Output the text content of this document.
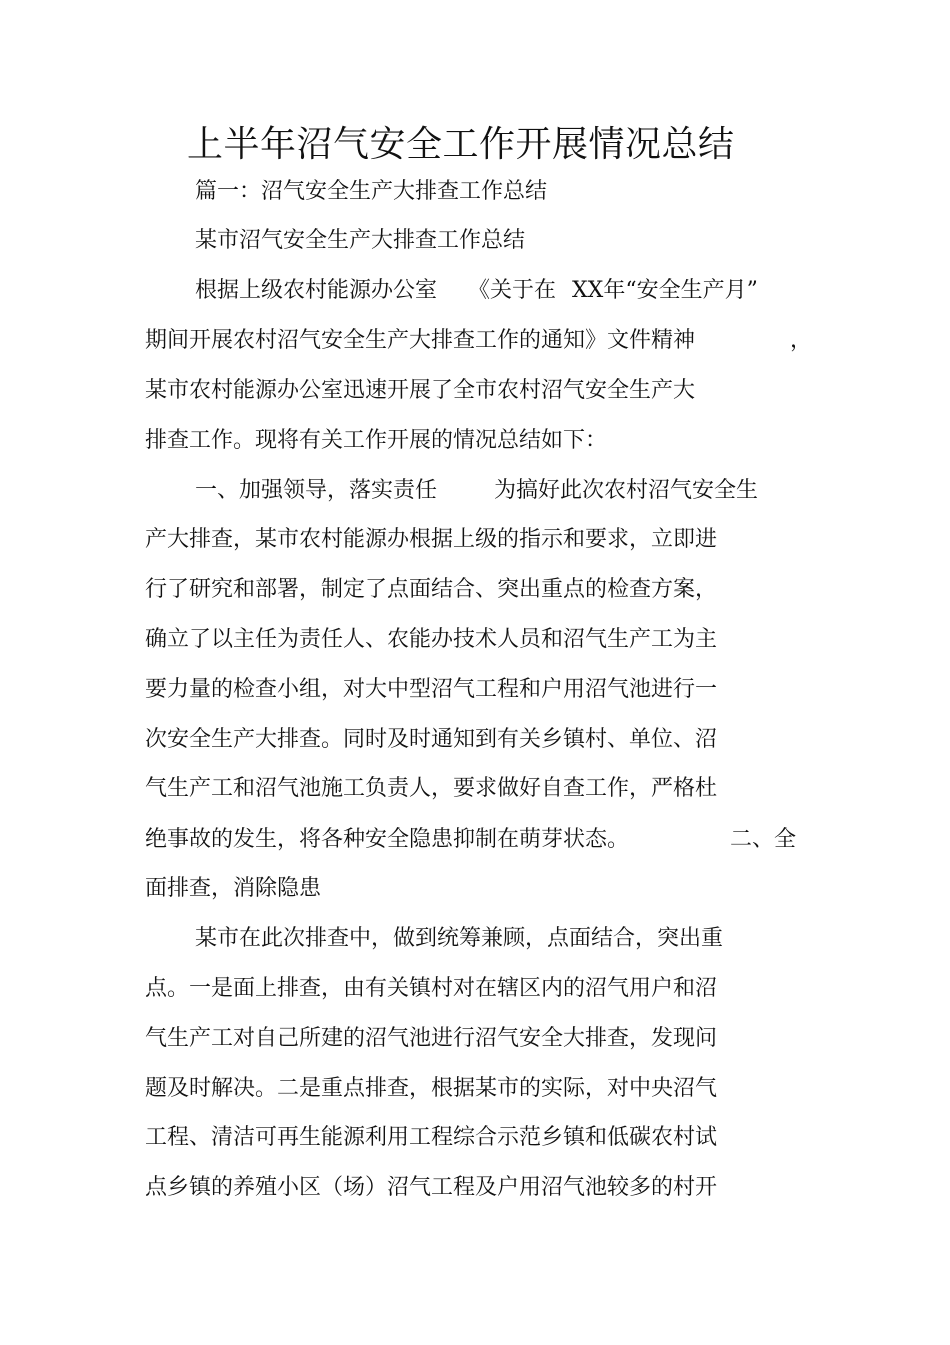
上半年沼气安全工作开展情况总结
篇一：沼气安全生产大排查工作总结
某市沼气安全生产大排查工作总结
根据上级农村能源办公室 《关于在 XX年“安全生产月”
期间开展农村沼气安全生产大排查工作的通知》文件精神	，
某市农村能源办公室迅速开展了全市农村沼气安全生产大
排查工作。现将有关工作开展的情况总结如下：
一、加强领导，落实责任	为搞好此次农村沼气安全生
产大排查，某市农村能源办根据上级的指示和要求，立即进
行了研究和部署，制定了点面结合、突出重点的检查方案，
确立了以主任为责任人、农能办技术人员和沼气生产工为主
要力量的检查小组，对大中型沼气工程和户用沼气池进行一
次安全生产大排查。同时及时通知到有关乡镇村、单位、沼
气生产工和沼气池施工负责人，要求做好自查工作，严格杜
绝事故的发生，将各种安全隐患抑制在萌芽状态。	二、全
面排查，消除隐患
某市在此次排查中，做到统筹兼顾，点面结合，突出重
点。一是面上排查，由有关镇村对在辖区内的沼气用户和沼
气生产工对自己所建的沼气池进行沼气安全大排查，发现问
题及时解决。二是重点排查，根据某市的实际，对中央沼气
工程、清洁可再生能源利用工程综合示范乡镇和低碳农村试
点乡镇的养殖小区（场）沼气工程及户用沼气池较多的村开
